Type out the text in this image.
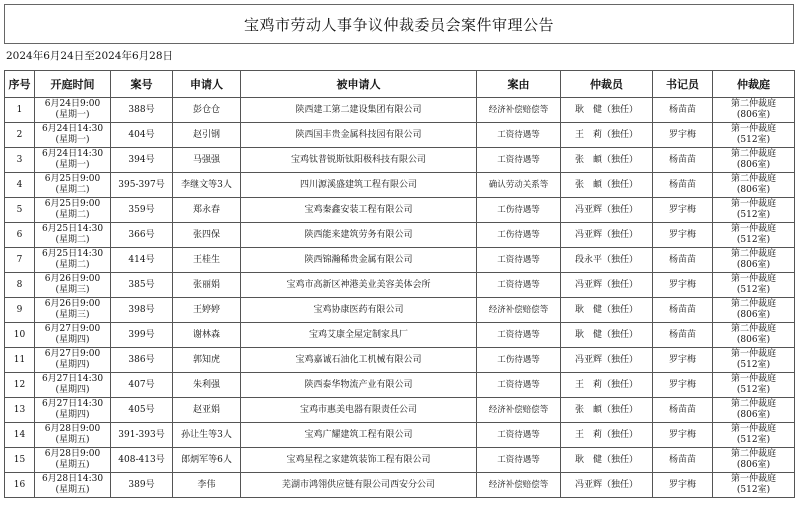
宝鸡市劳动人事争议仲裁委员会案件审理公告
2024年6月24日至2024年6月28日
序号	开庭时间	案号	申请人	被申请人	案由	仲裁员	书记员	仲裁庭
1	6月24日9:00
(星期一)	388号	彭仓仓	陕西建工第二建设集团有限公司	经济补偿赔偿等	耿　健（独任）	杨苗苗	第二仲裁庭
(806室)

2	6月24日14:30
(星期一)	404号	赵引钢	陕西国丰贵金属科技园有限公司	工资待遇等	王　莉（独任）	罗宇梅	第一仲裁庭
(512室)

3	6月24日14:30
(星期一)	394号	马强强	宝鸡钛普锐斯钛阳极科技有限公司	工资待遇等	张　頔（独任）	杨苗苗	第二仲裁庭
(806室)

4	6月25日9:00
(星期二)	395-397号	李继文等3人	四川源溪盛建筑工程有限公司	确认劳动关系等	张　頔（独任）	杨苗苗	第二仲裁庭
(806室)

5	6月25日9:00
(星期二)	359号	郑永春	宝鸡秦鑫安装工程有限公司	工伤待遇等	冯亚辉（独任）	罗宇梅	第一仲裁庭
(512室)

6	6月25日14:30
(星期二)	366号	张四保	陕西能来建筑劳务有限公司	工伤待遇等	冯亚辉（独任）	罗宇梅	第一仲裁庭
(512室)

7	6月25日14:30
(星期二)	414号	王桂生	陕西锦瀚稀贵金属有限公司	工资待遇等	段永平（独任）	杨苗苗	第二仲裁庭
(806室)

8	6月26日9:00
(星期三)	385号	张丽娟	宝鸡市高新区神港美业美容美体会所	工资待遇等	冯亚辉（独任）	罗宇梅	第一仲裁庭
(512室)

9	6月26日9:00
(星期三)	398号	王婷婷	宝鸡协康医药有限公司	经济补偿赔偿等	耿　健（独任）	杨苗苗	第二仲裁庭
(806室)

10	6月27日9:00
(星期四)	399号	谢林森	宝鸡艾康全屋定制家具厂	工资待遇等	耿　健（独任）	杨苗苗	第二仲裁庭
(806室)

11	6月27日9:00
(星期四)	386号	郭知虎	宝鸡嘉诚石油化工机械有限公司	工伤待遇等	冯亚辉（独任）	罗宇梅	第一仲裁庭
(512室)

12	6月27日14:30
(星期四)	407号	朱利强	陕西泰华物流产业有限公司	工资待遇等	王　莉（独任）	罗宇梅	第一仲裁庭
(512室)

13	6月27日14:30
(星期四)	405号	赵亚娟	宝鸡市惠美电器有限责任公司	经济补偿赔偿等	张　頔（独任）	杨苗苗	第二仲裁庭
(806室)

14	6月28日9:00
(星期五)	391-393号	孙让生等3人	宝鸡广耀建筑工程有限公司	工资待遇等	王　莉（独任）	罗宇梅	第一仲裁庭
(512室)

15	6月28日9:00
(星期五)	408-413号	郎炳军等6人	宝鸡星程之家建筑装饰工程有限公司	工资待遇等	耿　健（独任）	杨苗苗	第二仲裁庭
(806室)

16	6月28日14:30
(星期五)	389号	李伟	芜湖市鸿翎供应链有限公司西安分公司	经济补偿赔偿等	冯亚辉（独任）	罗宇梅	第一仲裁庭
(512室)
